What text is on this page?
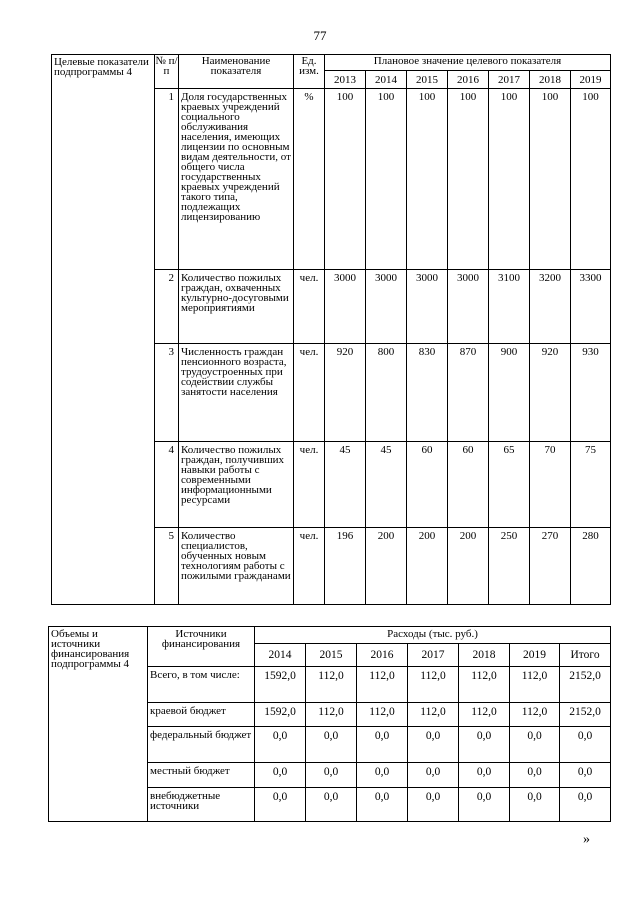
77
Целевые показатели подпрограммы 4	№ п/п	Наименование показателя	Ед. изм.	Плановое значение целевого показателя						
				2013	2014	2015	2016	2017	2018	2019
	1	Доля государственных краевых учреждений социального обслуживания населения, имеющих лицензии по основным видам деятельности, от общего числа государственных краевых учреждений такого типа, подлежащих лицензированию	%	100	100	100	100	100	100	100
	2	Количество пожилых граждан, охваченных культурно-досуговыми мероприятиями	чел.	3000	3000	3000	3000	3100	3200	3300
	3	Численность граждан пенсионного возраста, трудоустроенных при содействии службы занятости населения	чел.	920	800	830	870	900	920	930
	4	Количество пожилых граждан, получивших навыки работы с современными информационными ресурсами	чел.	45	45	60	60	65	70	75
	5	Количество специалистов, обученных новым технологиям работы с пожилыми гражданами	чел.	196	200	200	200	250	270	280
Объемы и источники финансирования подпрограммы 4	Источники финансирования	Расходы (тыс. руб.)						
		2014	2015	2016	2017	2018	2019	Итого
	Всего, в том числе:	1592,0	112,0	112,0	112,0	112,0	112,0	2152,0
	краевой бюджет	1592,0	112,0	112,0	112,0	112,0	112,0	2152,0
	федеральный бюджет	0,0	0,0	0,0	0,0	0,0	0,0	0,0
	местный бюджет	0,0	0,0	0,0	0,0	0,0	0,0	0,0
	внебюджетные источники	0,0	0,0	0,0	0,0	0,0	0,0	0,0
»
